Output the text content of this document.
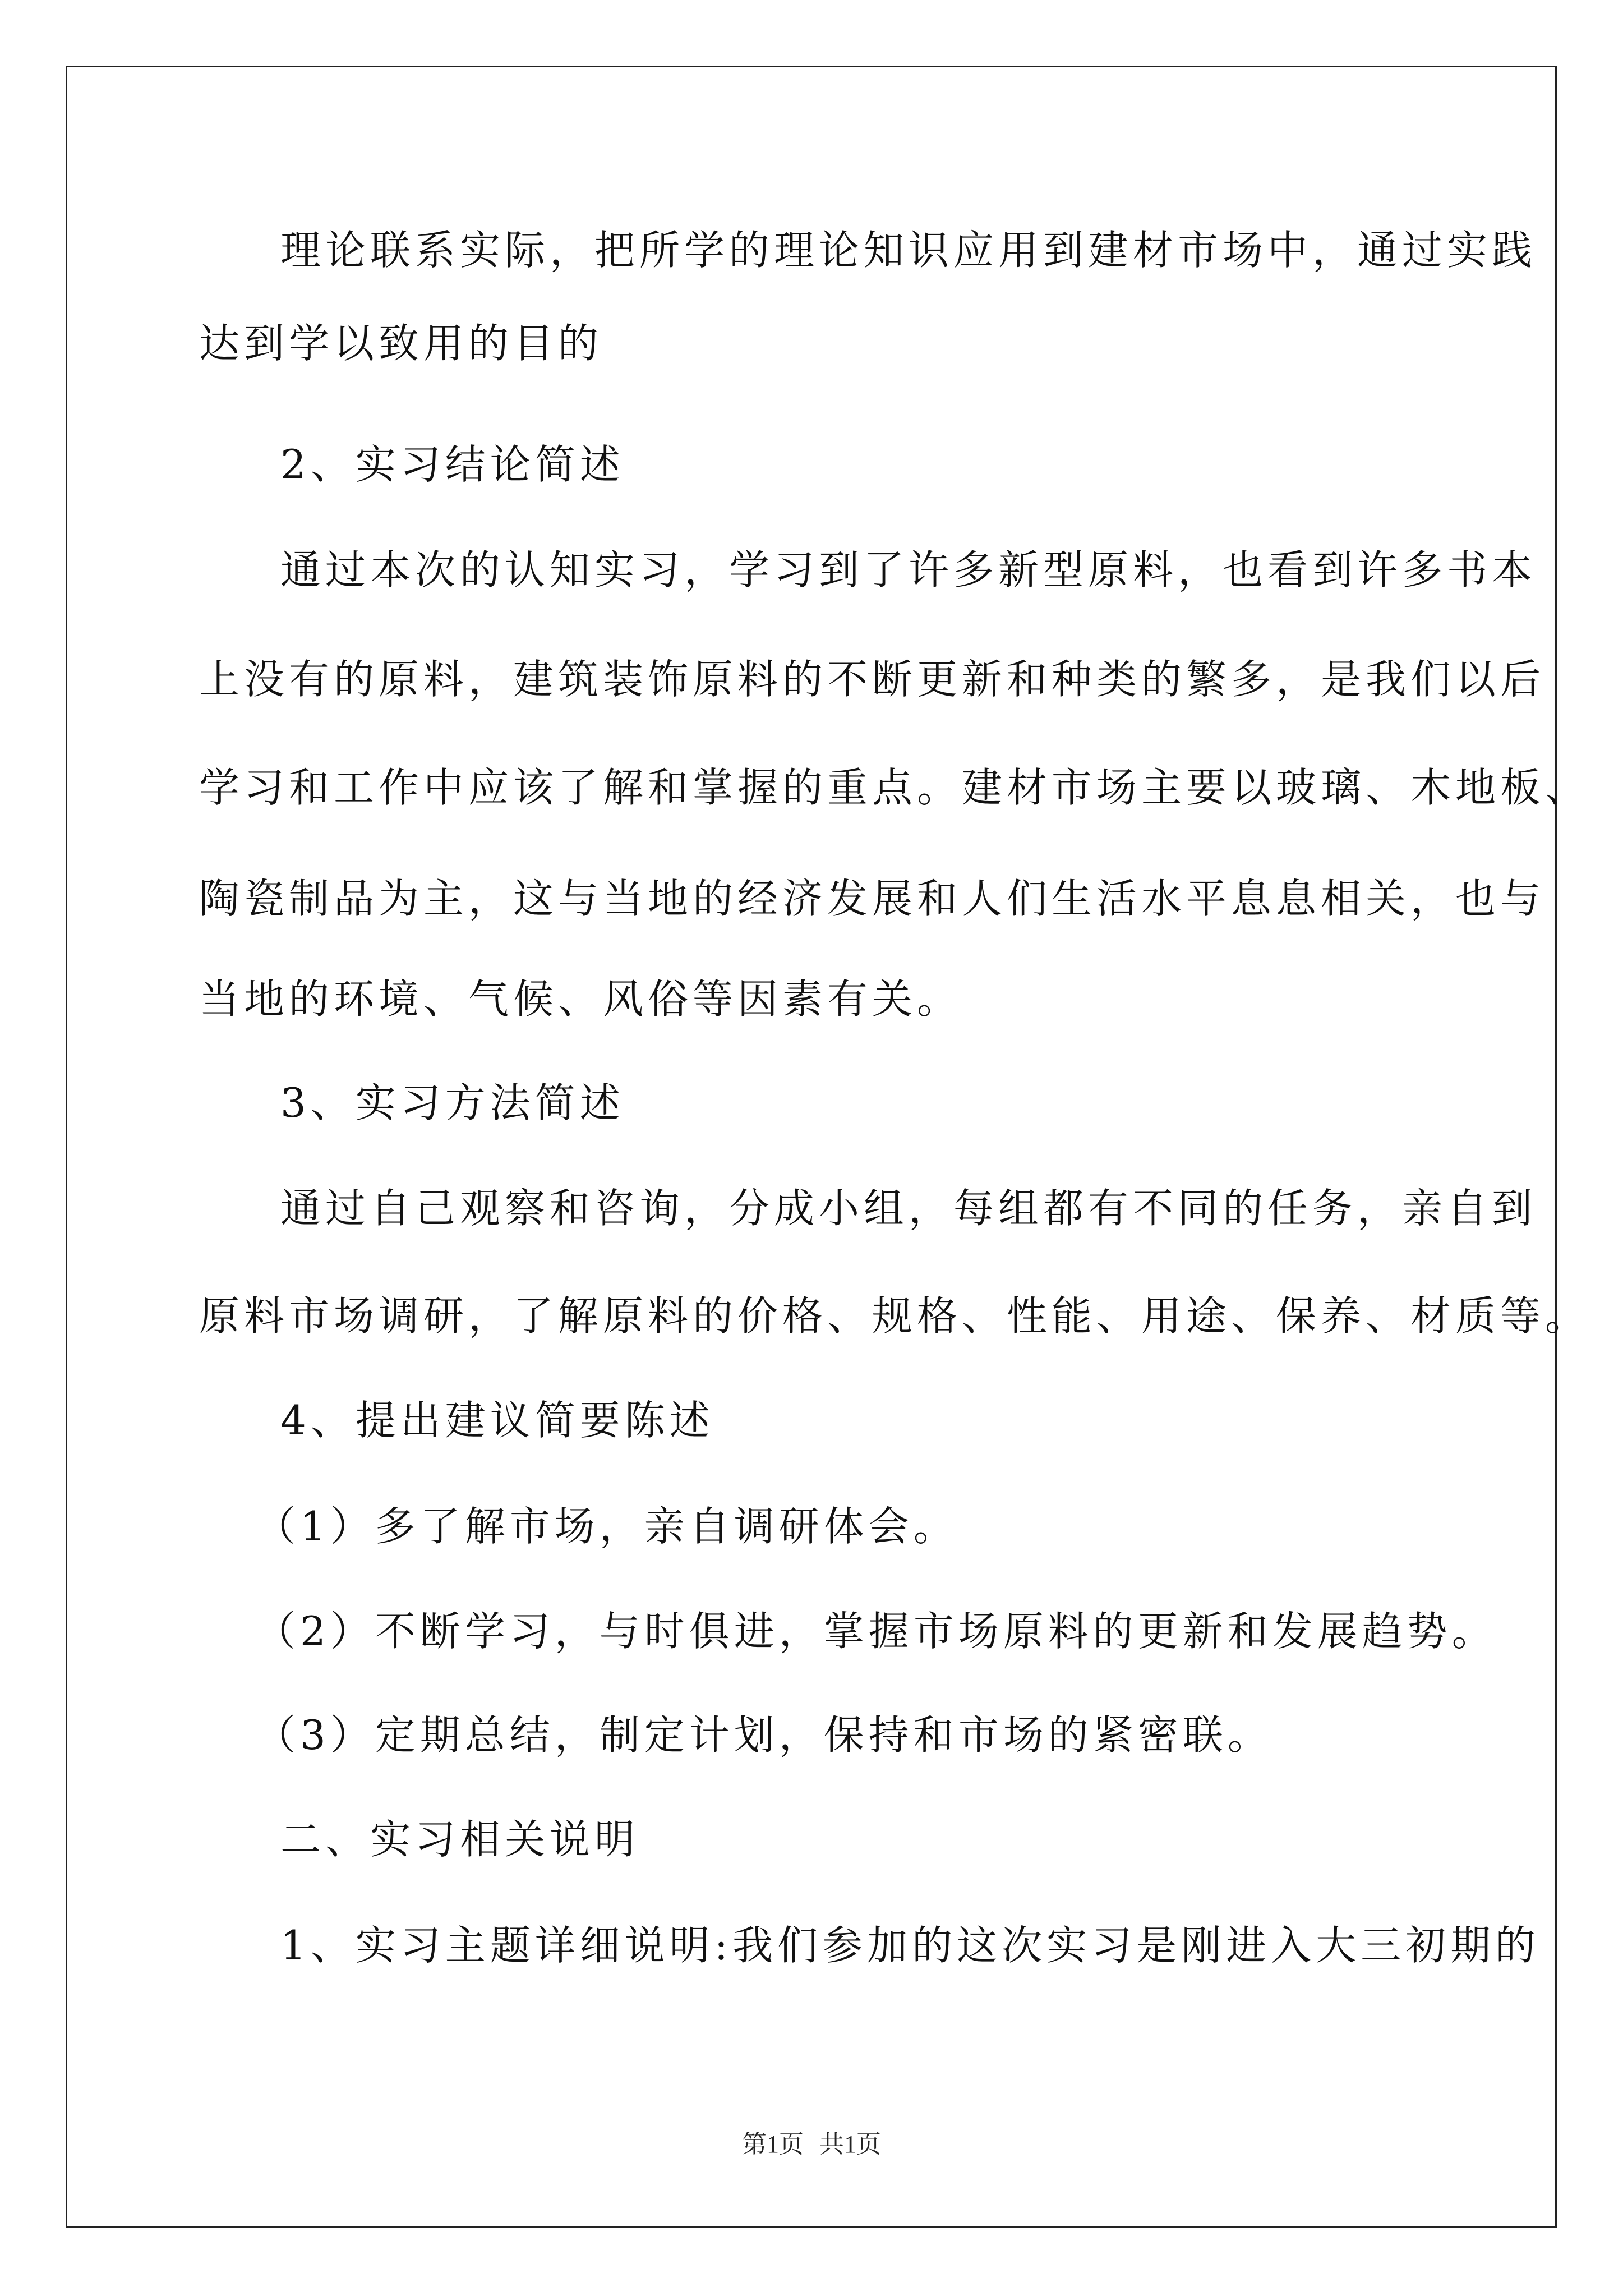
理论联系实际，把所学的理论知识应用到建材市场中，通过实践
达到学以致用的目的
2、实习结论简述
通过本次的认知实习，学习到了许多新型原料，也看到许多书本
上没有的原料，建筑装饰原料的不断更新和种类的繁多，是我们以后
学习和工作中应该了解和掌握的重点。建材市场主要以玻璃、木地板、
陶瓷制品为主，这与当地的经济发展和人们生活水平息息相关，也与
当地的环境、气候、风俗等因素有关。
3、实习方法简述
通过自己观察和咨询，分成小组，每组都有不同的任务，亲自到
原料市场调研，了解原料的价格、规格、性能、用途、保养、材质等。
4、提出建议简要陈述
（1）多了解市场，亲自调研体会。
（2）不断学习，与时俱进，掌握市场原料的更新和发展趋势。
（3）定期总结，制定计划，保持和市场的紧密联。
二、实习相关说明
1、实习主题详细说明:我们参加的这次实习是刚进入大三初期的
第1页 共1页
